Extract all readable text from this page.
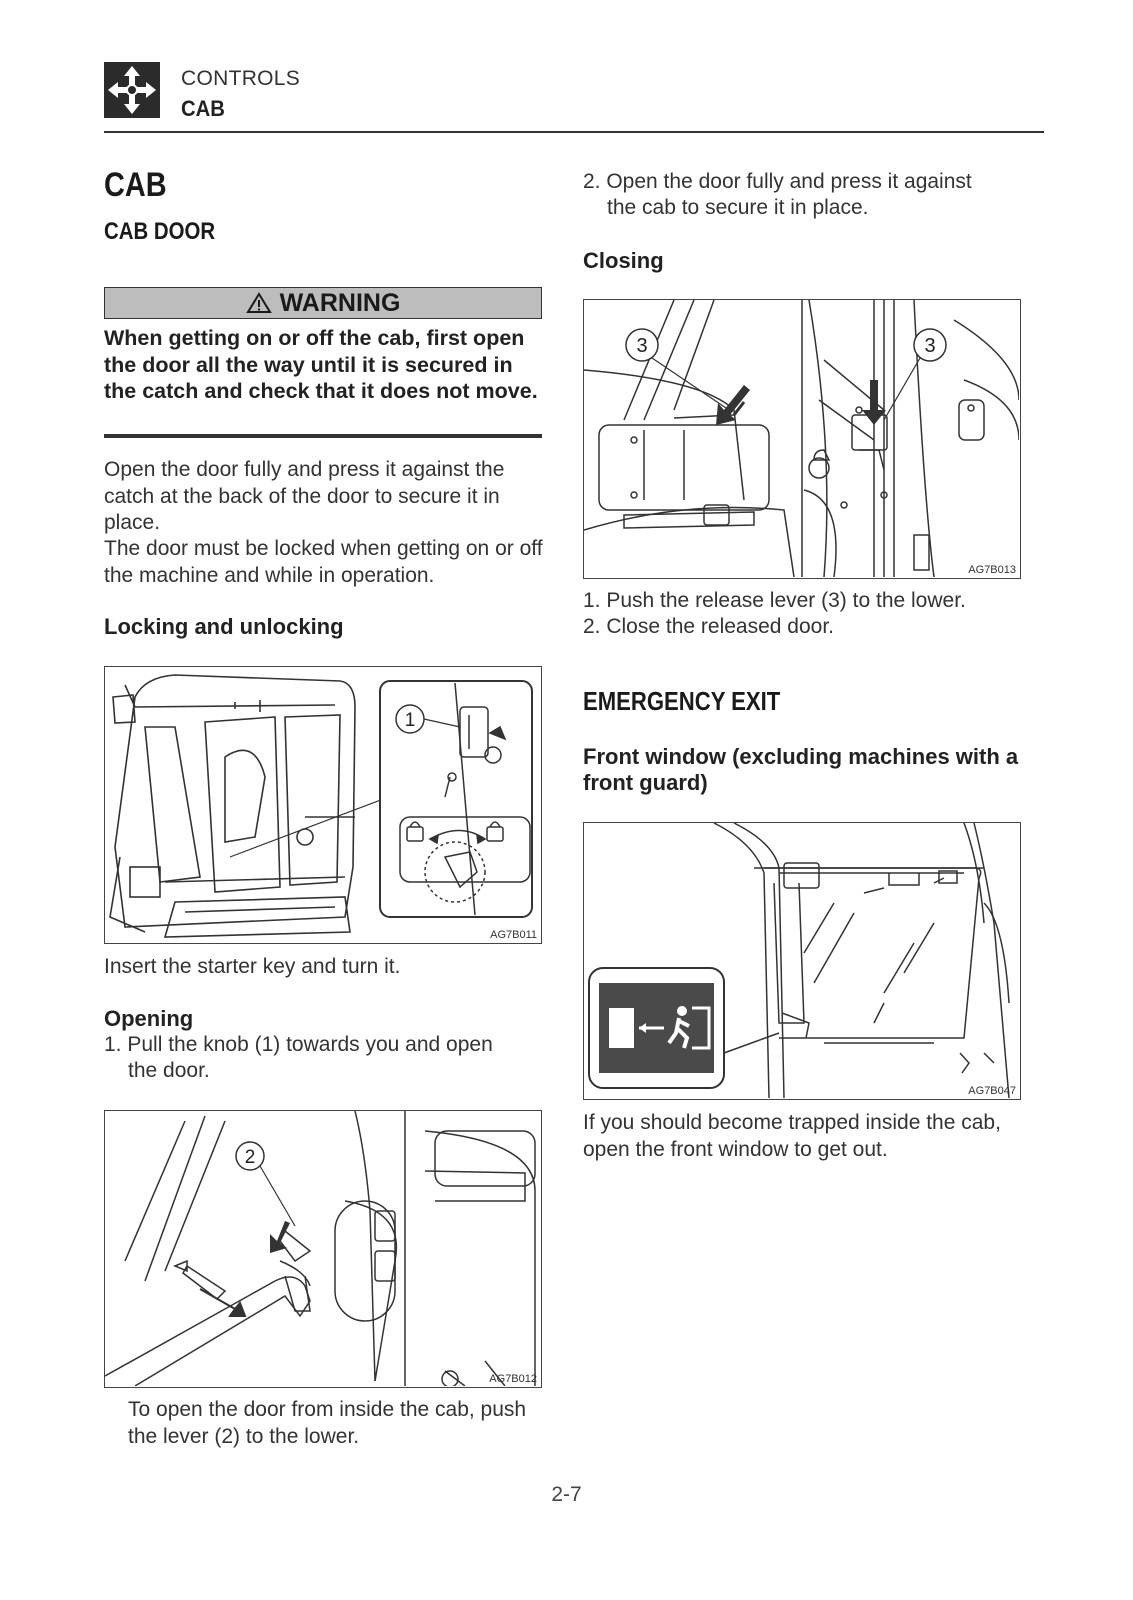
CONTROLS
CAB
CAB
CAB DOOR
WARNING
When getting on or off the cab, first open the door all the way until it is secured in the catch and check that it does not move.
Open the door fully and press it against the catch at the back of the door to secure it in place.
The door must be locked when getting on or off the machine and while in operation.
Locking and unlocking
1
AG7B011
Insert the starter key and turn it.
Opening
1. Pull the knob (1) towards you and open
the door.
2
AG7B012
To open the door from inside the cab, push the lever (2) to the lower.
2. Open the door fully and press it against
the cab to secure it in place.
Closing
3	3
AG7B013
1. Push the release lever (3) to the lower.
2. Close the released door.
EMERGENCY EXIT
Front window (excluding machines with a front guard)
AG7B047
If you should become trapped inside the cab, open the front window to get out.
2-7
